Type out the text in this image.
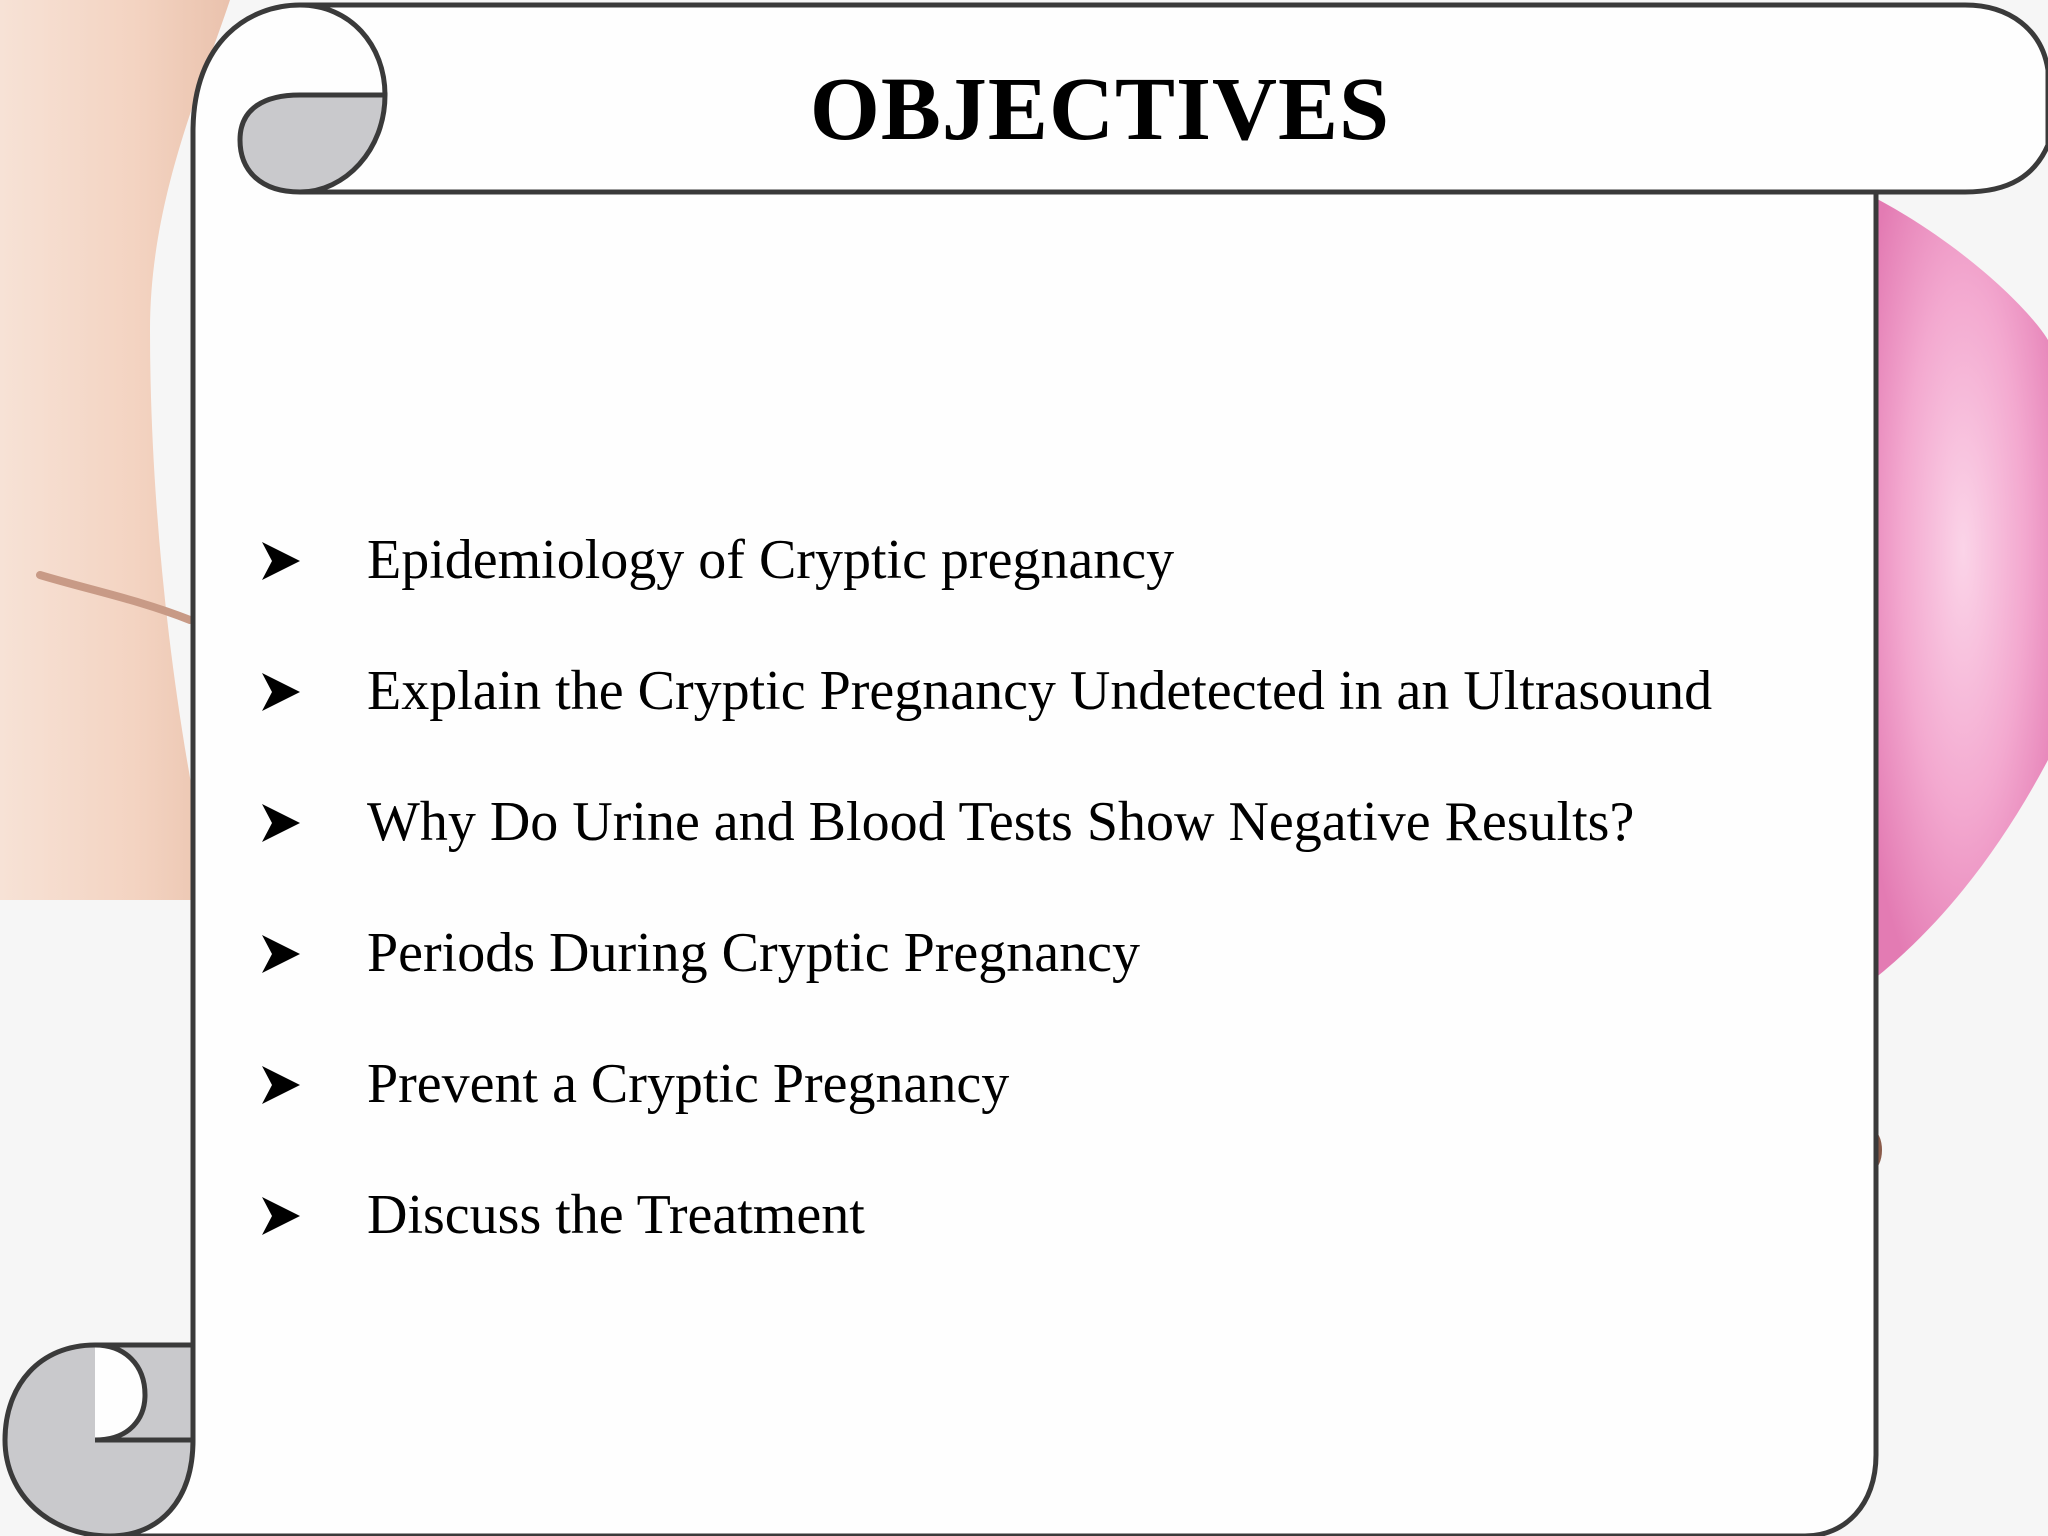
OBJECTIVES
Epidemiology of Cryptic pregnancy
Explain the Cryptic Pregnancy Undetected in an Ultrasound
Why Do Urine and Blood Tests Show Negative Results?
Periods During Cryptic Pregnancy
Prevent a Cryptic Pregnancy
Discuss the Treatment
